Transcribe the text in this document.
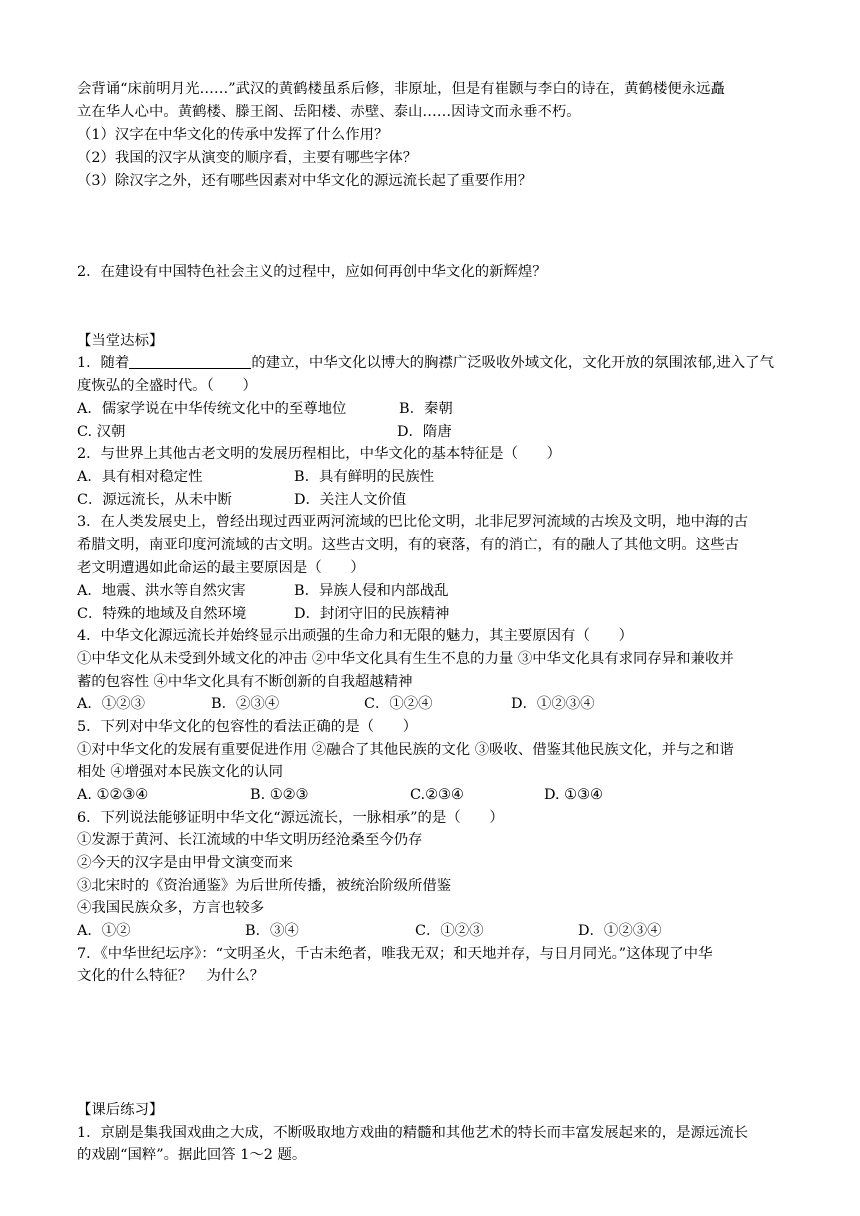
会背诵“床前明月光……”武汉的黄鹤楼虽系后修，非原址，但是有崔颢与李白的诗在，黄鹤楼便永远矗
立在华人心中。黄鹤楼、滕王阁、岳阳楼、赤壁、泰山……因诗文而永垂不朽。
（1）汉字在中华文化的传承中发挥了什么作用？
（2）我国的汉字从演变的顺序看，主要有哪些字体？
（3）除汉字之外，还有哪些因素对中华文化的源远流长起了重要作用？
2．在建设有中国特色社会主义的过程中，应如何再创中华文化的新辉煌？
【当堂达标】
1．随着	的建立，中华文化以博大的胸襟广泛吸收外域文化，文化开放的氛围浓郁,进入了气
度恢弘的全盛时代。（　　）
A．儒家学说在中华传统文化中的至尊地位	B．秦朝
C. 汉朝	D．隋唐
2．与世界上其他古老文明的发展历程相比，中华文化的基本特征是（　　）
A．具有相对稳定性	B．具有鲜明的民族性
C．源远流长，从未中断	D．关注人文价值
3．在人类发展史上，曾经出现过西亚两河流域的巴比伦文明，北非尼罗河流域的古埃及文明，地中海的古
希腊文明，南亚印度河流域的古文明。这些古文明，有的衰落，有的消亡，有的融人了其他文明。这些古
老文明遭遇如此命运的最主要原因是（　　）
A．地震、洪水等自然灾害	B．异族人侵和内部战乱
C．特殊的地域及自然环境	D．封闭守旧的民族精神
4．中华文化源远流长并始终显示出顽强的生命力和无限的魅力，其主要原因有（　　）
①中华文化从未受到外域文化的冲击 ②中华文化具有生生不息的力量 ③中华文化具有求同存异和兼收并
蓄的包容性 ④中华文化具有不断创新的自我超越精神
A．①②③	B．②③④	C．①②④	D．①②③④
5．下列对中华文化的包容性的看法正确的是（　　）
①对中华文化的发展有重要促进作用 ②融合了其他民族的文化 ③吸收、借鉴其他民族文化，并与之和谐
相处 ④增强对本民族文化的认同
A. ①②③④	B. ①②③	C.②③④	D. ①③④
6．下列说法能够证明中华文化“源远流长，一脉相承”的是（　　）
①发源于黄河、长江流域的中华文明历经沧桑至今仍存
②今天的汉字是由甲骨文演变而来
③北宋时的《资治通鉴》为后世所传播，被统治阶级所借鉴
④我国民族众多，方言也较多
A．①②	B．③④	C．①②③	D．①②③④
7．《中华世纪坛序》：“文明圣火，千古未绝者，唯我无双；和天地并存，与日月同光。”这体现了中华
文化的什么特征？　为什么？
【课后练习】
1．京剧是集我国戏曲之大成，不断吸取地方戏曲的精髓和其他艺术的特长而丰富发展起来的，是源远流长
的戏剧“国粹”。据此回答 1～2 题。
